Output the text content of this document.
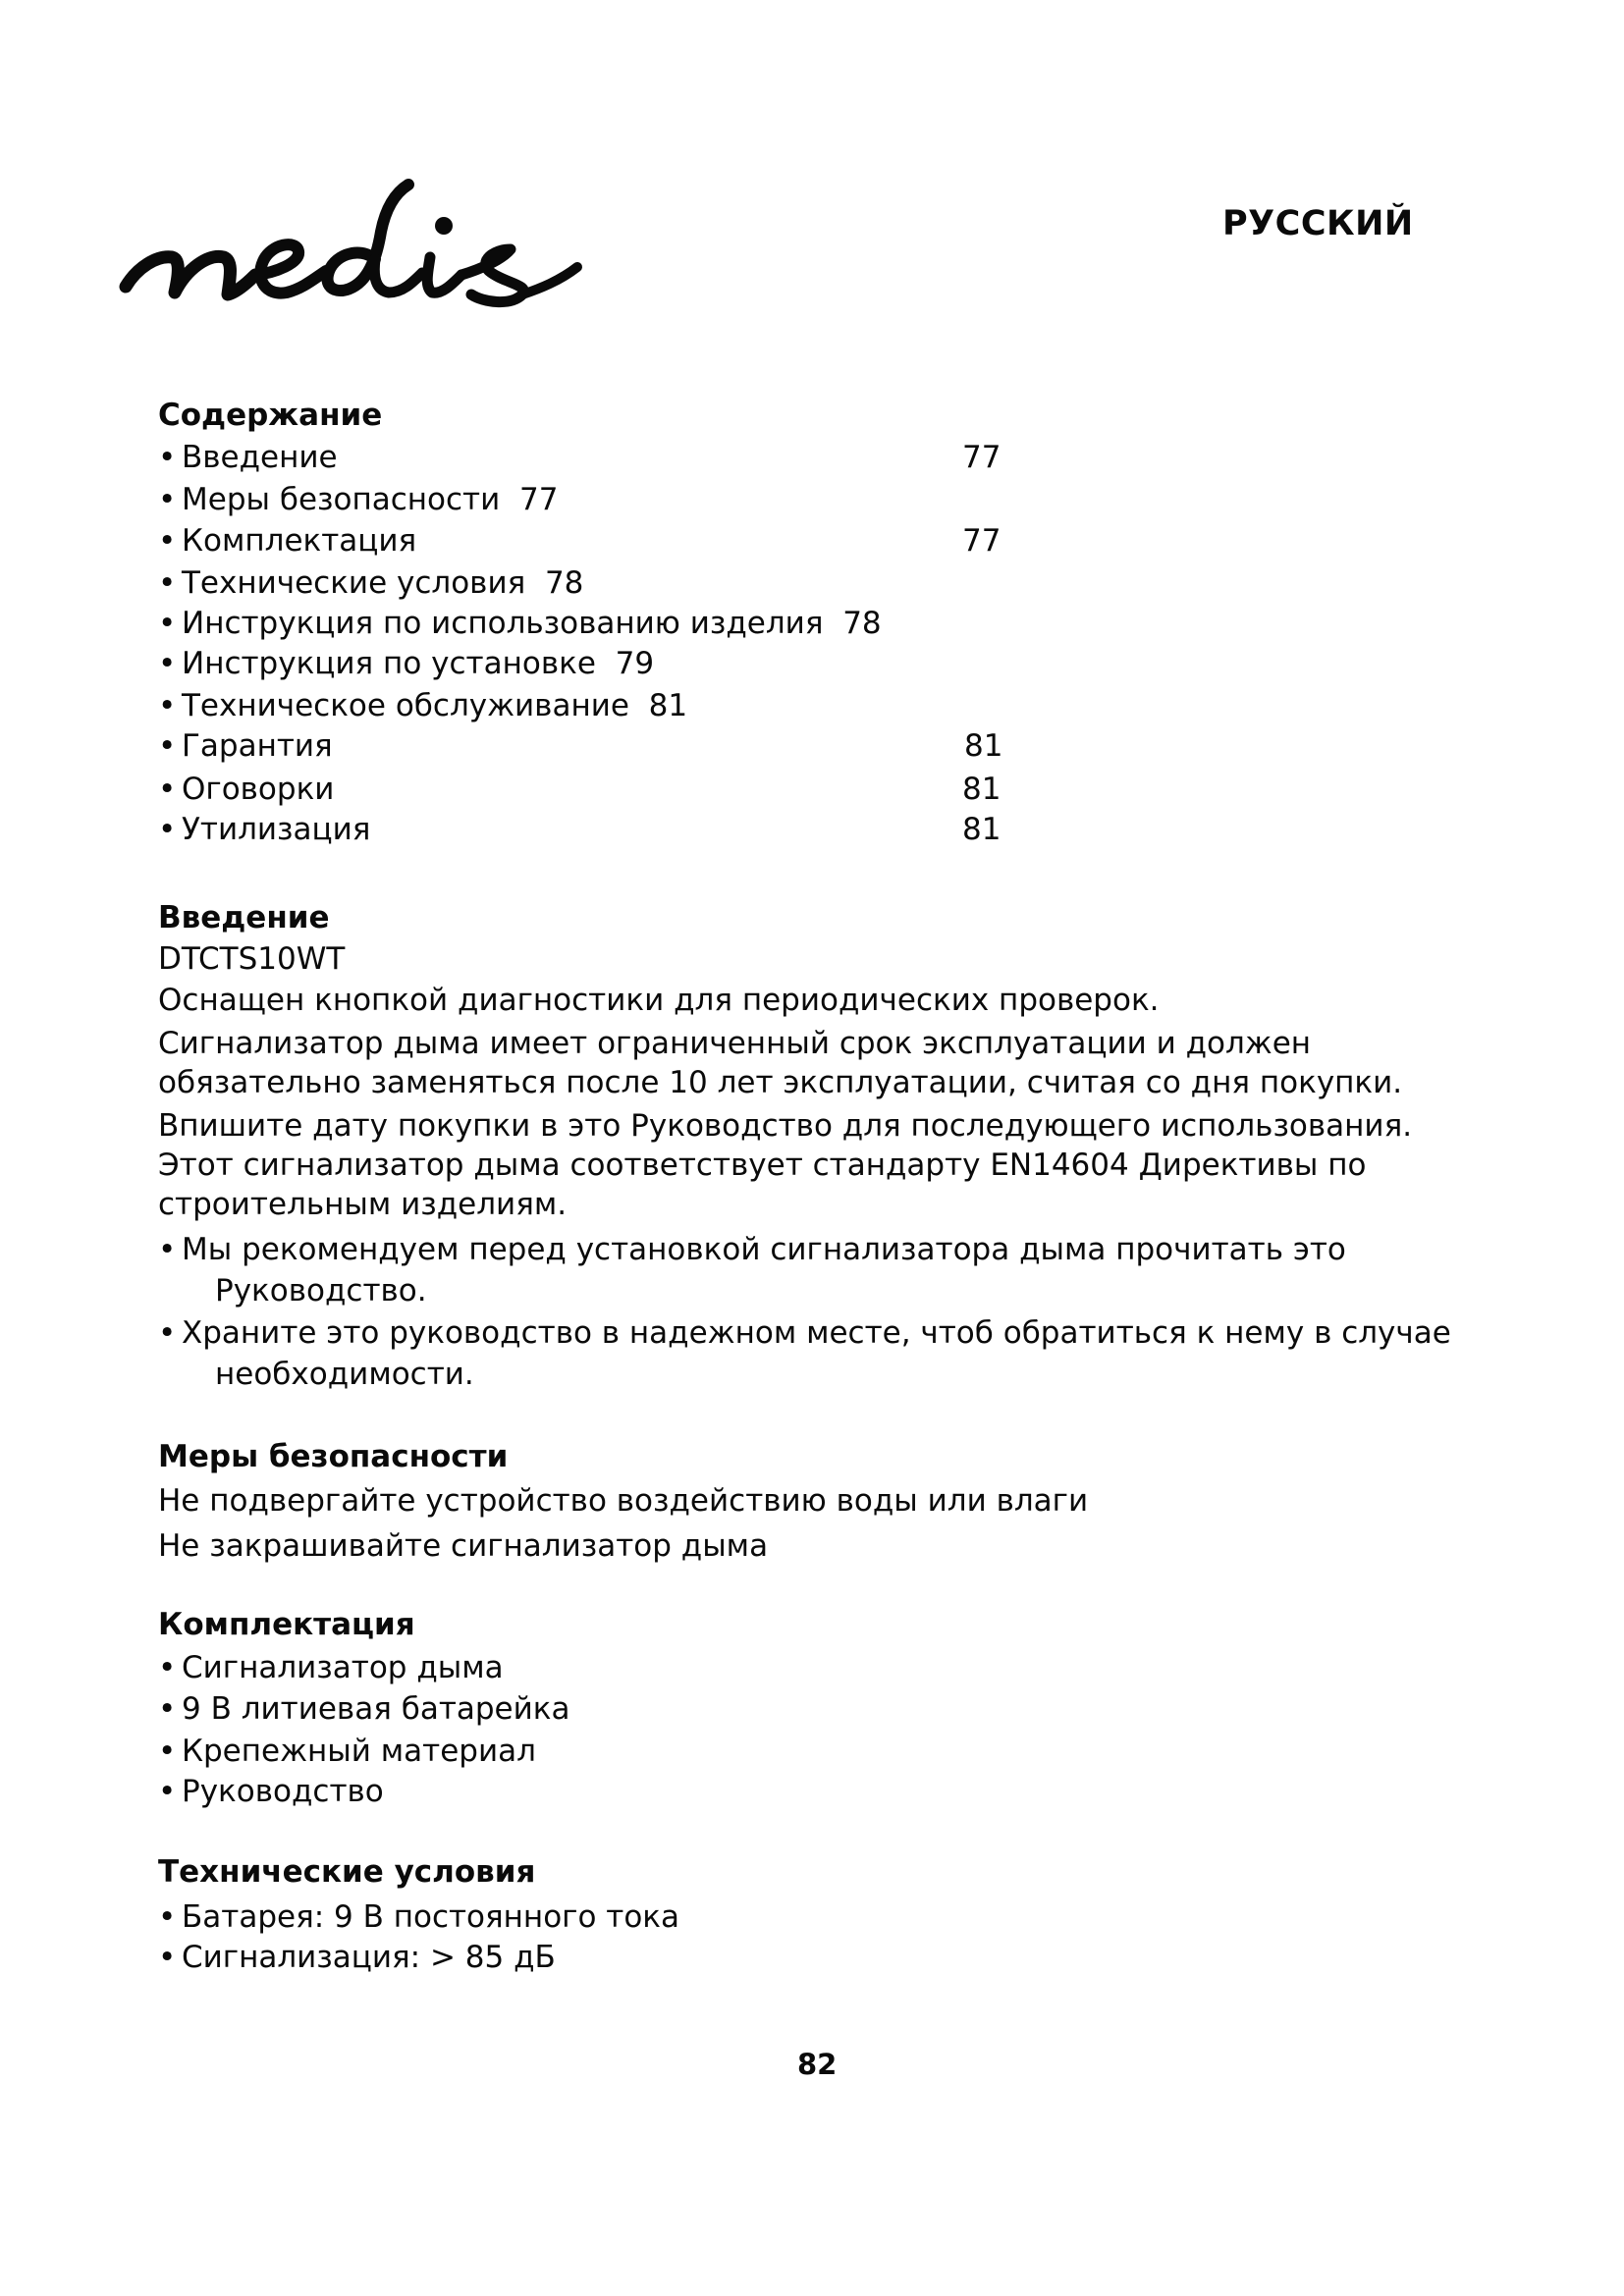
РУССКИЙ
Содержание
• Введение	77
• Меры безопасности 77
• Комплектация	77
• Технические условия 78
• Инструкция по использованию изделия 78
• Инструкция по установке 79
• Техническое обслуживание 81
• Гарантия	81
• Оговорки	81
• Утилизация	81
Введение
DTCTS10WT
Оснащен кнопкой диагностики для периодических проверок.
Сигнализатор дыма имеет ограниченный срок эксплуатации и должен
обязательно заменяться после 10 лет эксплуатации, считая со дня покупки.
Впишите дату покупки в это Руководство для последующего использования.
Этот сигнализатор дыма соответствует стандарту EN14604 Директивы по
строительным изделиям.
• Мы рекомендуем перед установкой сигнализатора дыма прочитать это
Руководство.
• Храните это руководство в надежном месте, чтоб обратиться к нему в случае
необходимости.
Меры безопасности
Не подвергайте устройство воздействию воды или влаги
Не закрашивайте сигнализатор дыма
Комплектация
• Сигнализатор дыма
• 9 В литиевая батарейка
• Крепежный материал
• Руководство
Технические условия
• Батарея: 9 В постоянного тока
• Сигнализация: > 85 дБ
82
